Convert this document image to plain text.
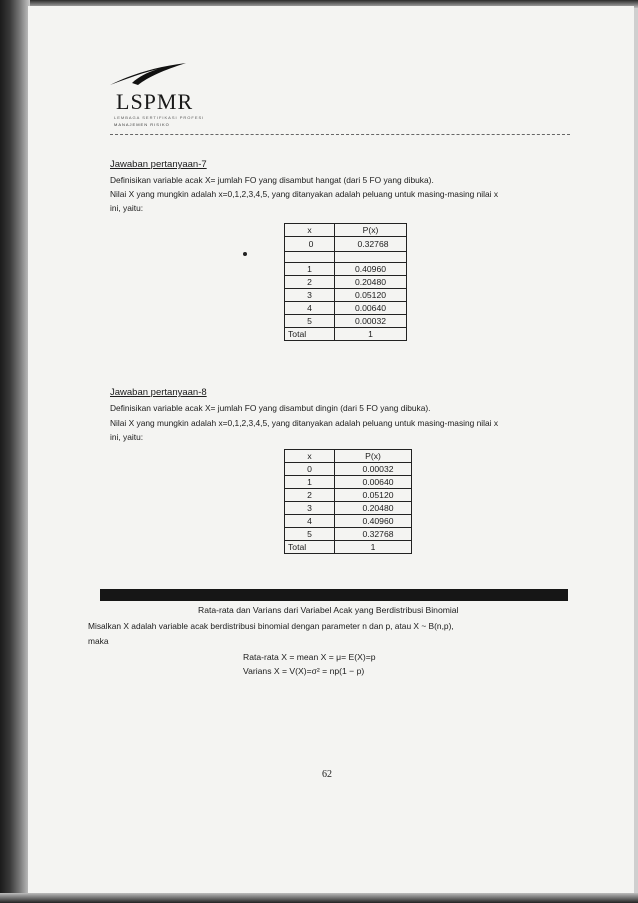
LSPMR
LEMBAGA SERTIFIKASI PROFESI
MANAJEMEN RISIKO
Jawaban pertanyaan-7
Definisikan variable acak X= jumlah FO yang disambut hangat (dari 5 FO yang dibuka).
Nilai X yang mungkin adalah x=0,1,2,3,4,5, yang ditanyakan adalah peluang untuk masing-masing nilai x
ini, yaitu:
x	P(x)
0	0.32768

1	0.40960
2	0.20480
3	0.05120
4	0.00640
5	0.00032
Total	1
Jawaban pertanyaan-8
Definisikan variable acak X= jumlah FO yang disambut dingin (dari 5 FO yang dibuka).
Nilai X yang mungkin adalah x=0,1,2,3,4,5, yang ditanyakan adalah peluang untuk masing-masing nilai x
ini, yaitu:
x	P(x)
0	0.00032
1	0.00640
2	0.05120
3	0.20480
4	0.40960
5	0.32768
Total	1
Rata-rata dan Varians dari Variabel Acak yang Berdistribusi Binomial
Misalkan X adalah variable acak berdistribusi binomial dengan parameter n dan p, atau X ~ B(n,p),
maka
Rata-rata X = mean X = μ= E(X)=p
Varians X = V(X)=σ² = np(1 − p)
62
